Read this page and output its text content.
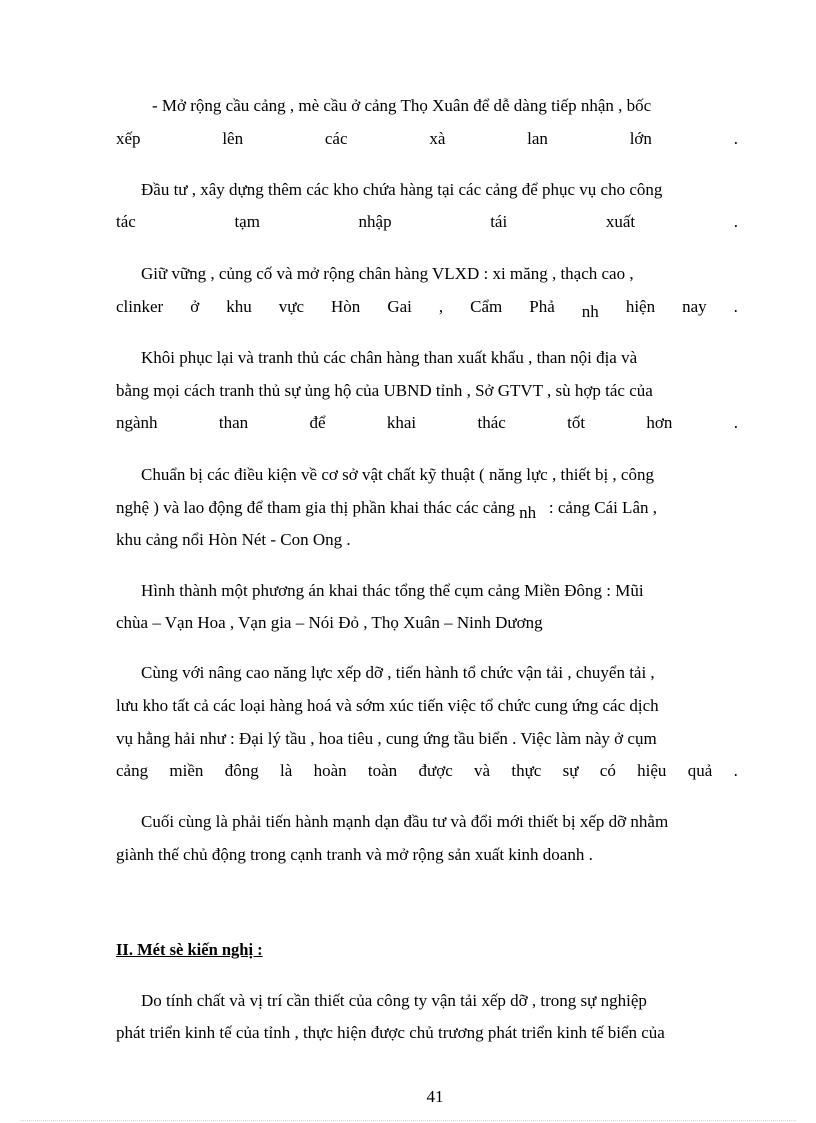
- Mở rộng cầu cảng , mè cầu ở cảng Thọ Xuân để dễ dàng tiếp nhận , bốc
xếp	lên	các	xà	lan	lớn	.
Đầu tư , xây dựng thêm các kho chứa hàng tại các cảng để phục vụ cho công
tác	tạm	nhập	tái	xuất	.
Giữ vững , củng cố và mở rộng chân hàng VLXD : xi măng , thạch cao ,
clinker ở khu vực Hòn Gai , Cẩm Phả nh hiện nay .
Khôi phục lại và tranh thủ các chân hàng than xuất khẩu , than nội địa và
bằng mọi cách tranh thủ sự ủng hộ của UBND tỉnh , Sở GTVT , sù hợp tác của
ngành	than	để	khai	thác	tốt	hơn	.
Chuẩn bị các điều kiện về cơ sở vật chất kỹ thuật ( năng lực , thiết bị , công
nghệ ) và lao động để tham gia thị phần khai thác các cảng nh : cảng Cái Lân ,
khu cảng nổi Hòn Nét - Con Ong .
Hình thành một phương án khai thác tổng thể cụm cảng Miền Đông : Mũi
chùa – Vạn Hoa , Vạn gia – Nói Đỏ , Thọ Xuân – Ninh Dương
Cùng với nâng cao năng lực xếp dỡ , tiến hành tổ chức vận tải , chuyển tải ,
lưu kho tất cả các loại hàng hoá và sớm xúc tiến việc tổ chức cung ứng các dịch
vụ hằng hải như : Đại lý tầu , hoa tiêu , cung ứng tầu biển . Việc làm này ở cụm
cảng miền đông là hoàn toàn được và thực sự có hiệu quả .
Cuối cùng là phải tiến hành mạnh dạn đầu tư và đổi mới thiết bị xếp dỡ nhằm
giành thế chủ động trong cạnh tranh và mở rộng sản xuất kinh doanh .
II. Mét sè kiến nghị :
Do tính chất và vị trí cần thiết của công ty vận tải xếp dỡ , trong sự nghiệp
phát triển kinh tế của tỉnh , thực hiện được chủ trương phát triển kinh tế biển của
41
